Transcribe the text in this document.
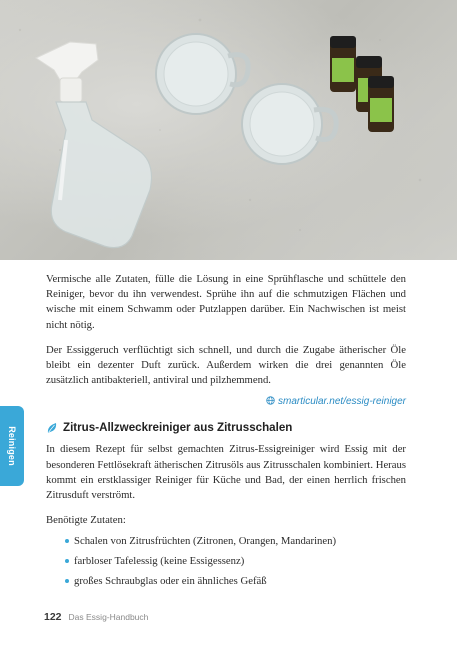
Reinigen

Vermische alle Zutaten, fülle die Lösung in eine Sprühflasche und schüttele den Reiniger, bevor du ihn verwendest. Sprühe ihn auf die schmutzigen Flächen und wische mit einem Schwamm oder Putzlappen darüber. Ein Nachwischen ist meist nicht nötig.

Der Essiggeruch verflüchtigt sich schnell, und durch die Zugabe ätherischer Öle bleibt ein dezenter Duft zurück. Außerdem wirken die drei genannten Öle zusätzlich antibakteriell, antiviral und pilzhemmend.

smarticular.net/essig-reiniger
Zitrus-Allzweckreiniger aus Zitrusschalen

In diesem Rezept für selbst gemachten Zitrus-Essigreiniger wird Essig mit der besonderen Fettlösekraft ätherischen Zitrusöls aus Zitrusschalen kombiniert. Heraus kommt ein erstklassiger Reiniger für Küche und Bad, der einen herrlich frischen Zitrusduft verströmt.

Benötigte Zutaten:

Schalen von Zitrusfrüchten (Zitronen, Orangen, Mandarinen)
farbloser Tafelessig (keine Essigessenz)
großes Schraubglas oder ein ähnliches Gefäß
122 Das Essig-Handbuch
